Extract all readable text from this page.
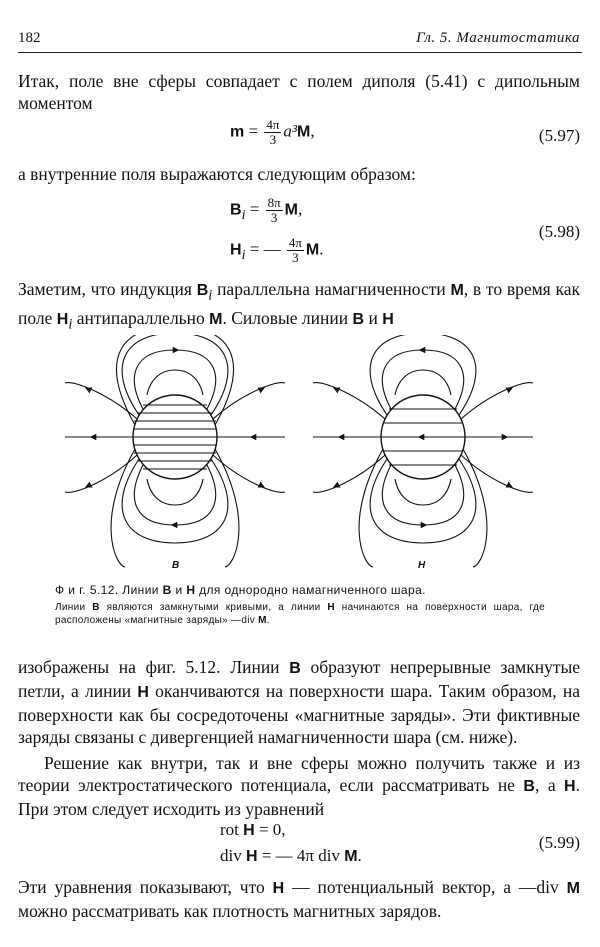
182	Гл. 5. Магнитостатика

Итак, поле вне сферы совпадает с полем диполя (5.41) с дипольным моментом

$m = \frac{4\pi}{3} a^3M$,	(5.97)

а внутренние поля выражаются следующим образом:

$B_i = \frac{8\pi}{3} M$,
$H_i$ = — $\frac{4\pi}{3} M$.
(5.98)

Заметим, что индукция $B_i$ параллельна намагниченности M, в то время как поле $H_i$ антипараллельно M. Силовые линии B и H

B	H

Ф и г. 5.12. Линии B и H для однородно намагниченного шара.

Линии B являются замкнутыми кривыми, а линии H начинаются на поверхности шара, где расположены «магнитные заряды» —div M.

изображены на фиг. 5.12. Линии B образуют непрерывные замкнутые петли, а линии H оканчиваются на поверхности шара. Таким образом, на поверхности как бы сосредоточены «магнитные заряды». Эти фиктивные заряды связаны с дивергенцией намагниченности шара (см. ниже).

Решение как внутри, так и вне сферы можно получить также и из теории электростатического потенциала, если рассматривать не B, а H. При этом следует исходить из уравнений

rot H = 0,
div H = — 4π div M.
(5.99)

Эти уравнения показывают, что H — потенциальный вектор, а —div M можно рассматривать как плотность магнитных зарядов.
